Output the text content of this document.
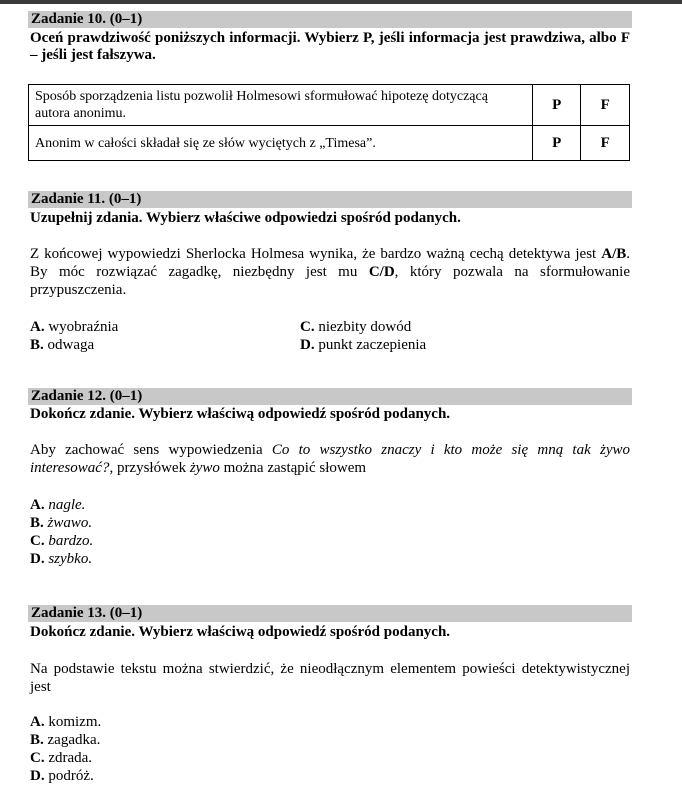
Zadanie 10. (0–1)
Oceń prawdziwość poniższych informacji. Wybierz P, jeśli informacja jest prawdziwa, albo F – jeśli jest fałszywa.
Sposób sporządzenia listu pozwolił Holmesowi sformułować hipotezę dotyczącą autora anonimu.	P	F
Anonim w całości składał się ze słów wyciętych z „Timesa”.	P	F
Zadanie 11. (0–1)
Uzupełnij zdania. Wybierz właściwe odpowiedzi spośród podanych.
Z końcowej wypowiedzi Sherlocka Holmesa wynika, że bardzo ważną cechą detektywa jest A/B. By móc rozwiązać zagadkę, niezbędny jest mu C/D, który pozwala na sformułowanie przypuszczenia.
A. wyobraźnia
B. odwaga
C. niezbity dowód
D. punkt zaczepienia
Zadanie 12. (0–1)
Dokończ zdanie. Wybierz właściwą odpowiedź spośród podanych.
Aby zachować sens wypowiedzenia Co to wszystko znaczy i kto może się mną tak żywo interesować?, przysłówek żywo można zastąpić słowem
A. nagle.
B. żwawo.
C. bardzo.
D. szybko.
Zadanie 13. (0–1)
Dokończ zdanie. Wybierz właściwą odpowiedź spośród podanych.
Na podstawie tekstu można stwierdzić, że nieodłącznym elementem powieści detektywistycznej jest
A. komizm.
B. zagadka.
C. zdrada.
D. podróż.
